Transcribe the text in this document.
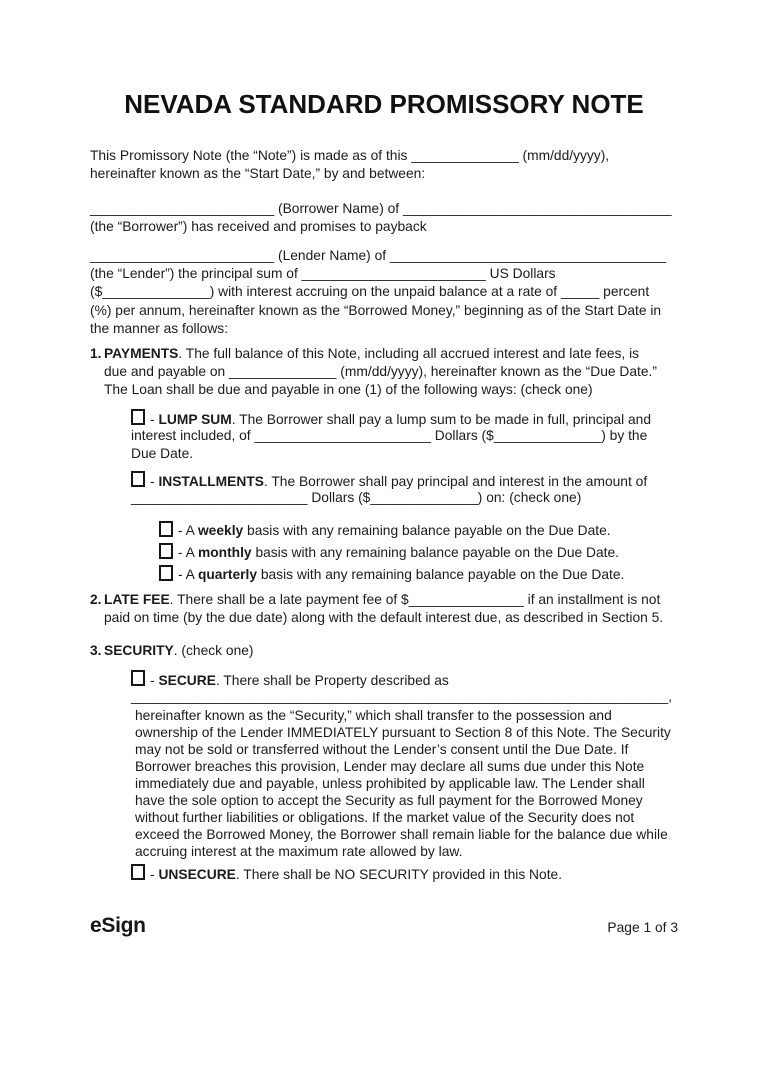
NEVADA STANDARD PROMISSORY NOTE
This Promissory Note (the “Note”) is made as of this ______________ (mm/dd/yyyy),
hereinafter known as the “Start Date,” by and between:
________________________ (Borrower Name) of ___________________________________
(the “Borrower”) has received and promises to payback
________________________ (Lender Name) of ____________________________________
(the “Lender”) the principal sum of ________________________ US Dollars
($______________) with interest accruing on the unpaid balance at a rate of _____ percent
(%) per annum, hereinafter known as the “Borrowed Money,” beginning as of the Start Date in
the manner as follows:
1. PAYMENTS. The full balance of this Note, including all accrued interest and late fees, is
due and payable on ______________ (mm/dd/yyyy), hereinafter known as the “Due Date.”
The Loan shall be due and payable in one (1) of the following ways: (check one)
- LUMP SUM. The Borrower shall pay a lump sum to be made in full, principal and
interest included, of _______________________ Dollars ($______________) by the
Due Date.
- INSTALLMENTS. The Borrower shall pay principal and interest in the amount of
_______________________ Dollars ($______________) on: (check one)
- A weekly basis with any remaining balance payable on the Due Date.
- A monthly basis with any remaining balance payable on the Due Date.
- A quarterly basis with any remaining balance payable on the Due Date.
2. LATE FEE. There shall be a late payment fee of $_______________ if an installment is not
paid on time (by the due date) along with the default interest due, as described in Section 5.
3. SECURITY. (check one)
- SECURE. There shall be Property described as
______________________________________________________________________,
hereinafter known as the “Security,” which shall transfer to the possession and
ownership of the Lender IMMEDIATELY pursuant to Section 8 of this Note. The Security
may not be sold or transferred without the Lender’s consent until the Due Date. If
Borrower breaches this provision, Lender may declare all sums due under this Note
immediately due and payable, unless prohibited by applicable law. The Lender shall
have the sole option to accept the Security as full payment for the Borrowed Money
without further liabilities or obligations. If the market value of the Security does not
exceed the Borrowed Money, the Borrower shall remain liable for the balance due while
accruing interest at the maximum rate allowed by law.
- UNSECURE. There shall be NO SECURITY provided in this Note.
eSign	Page 1 of 3
